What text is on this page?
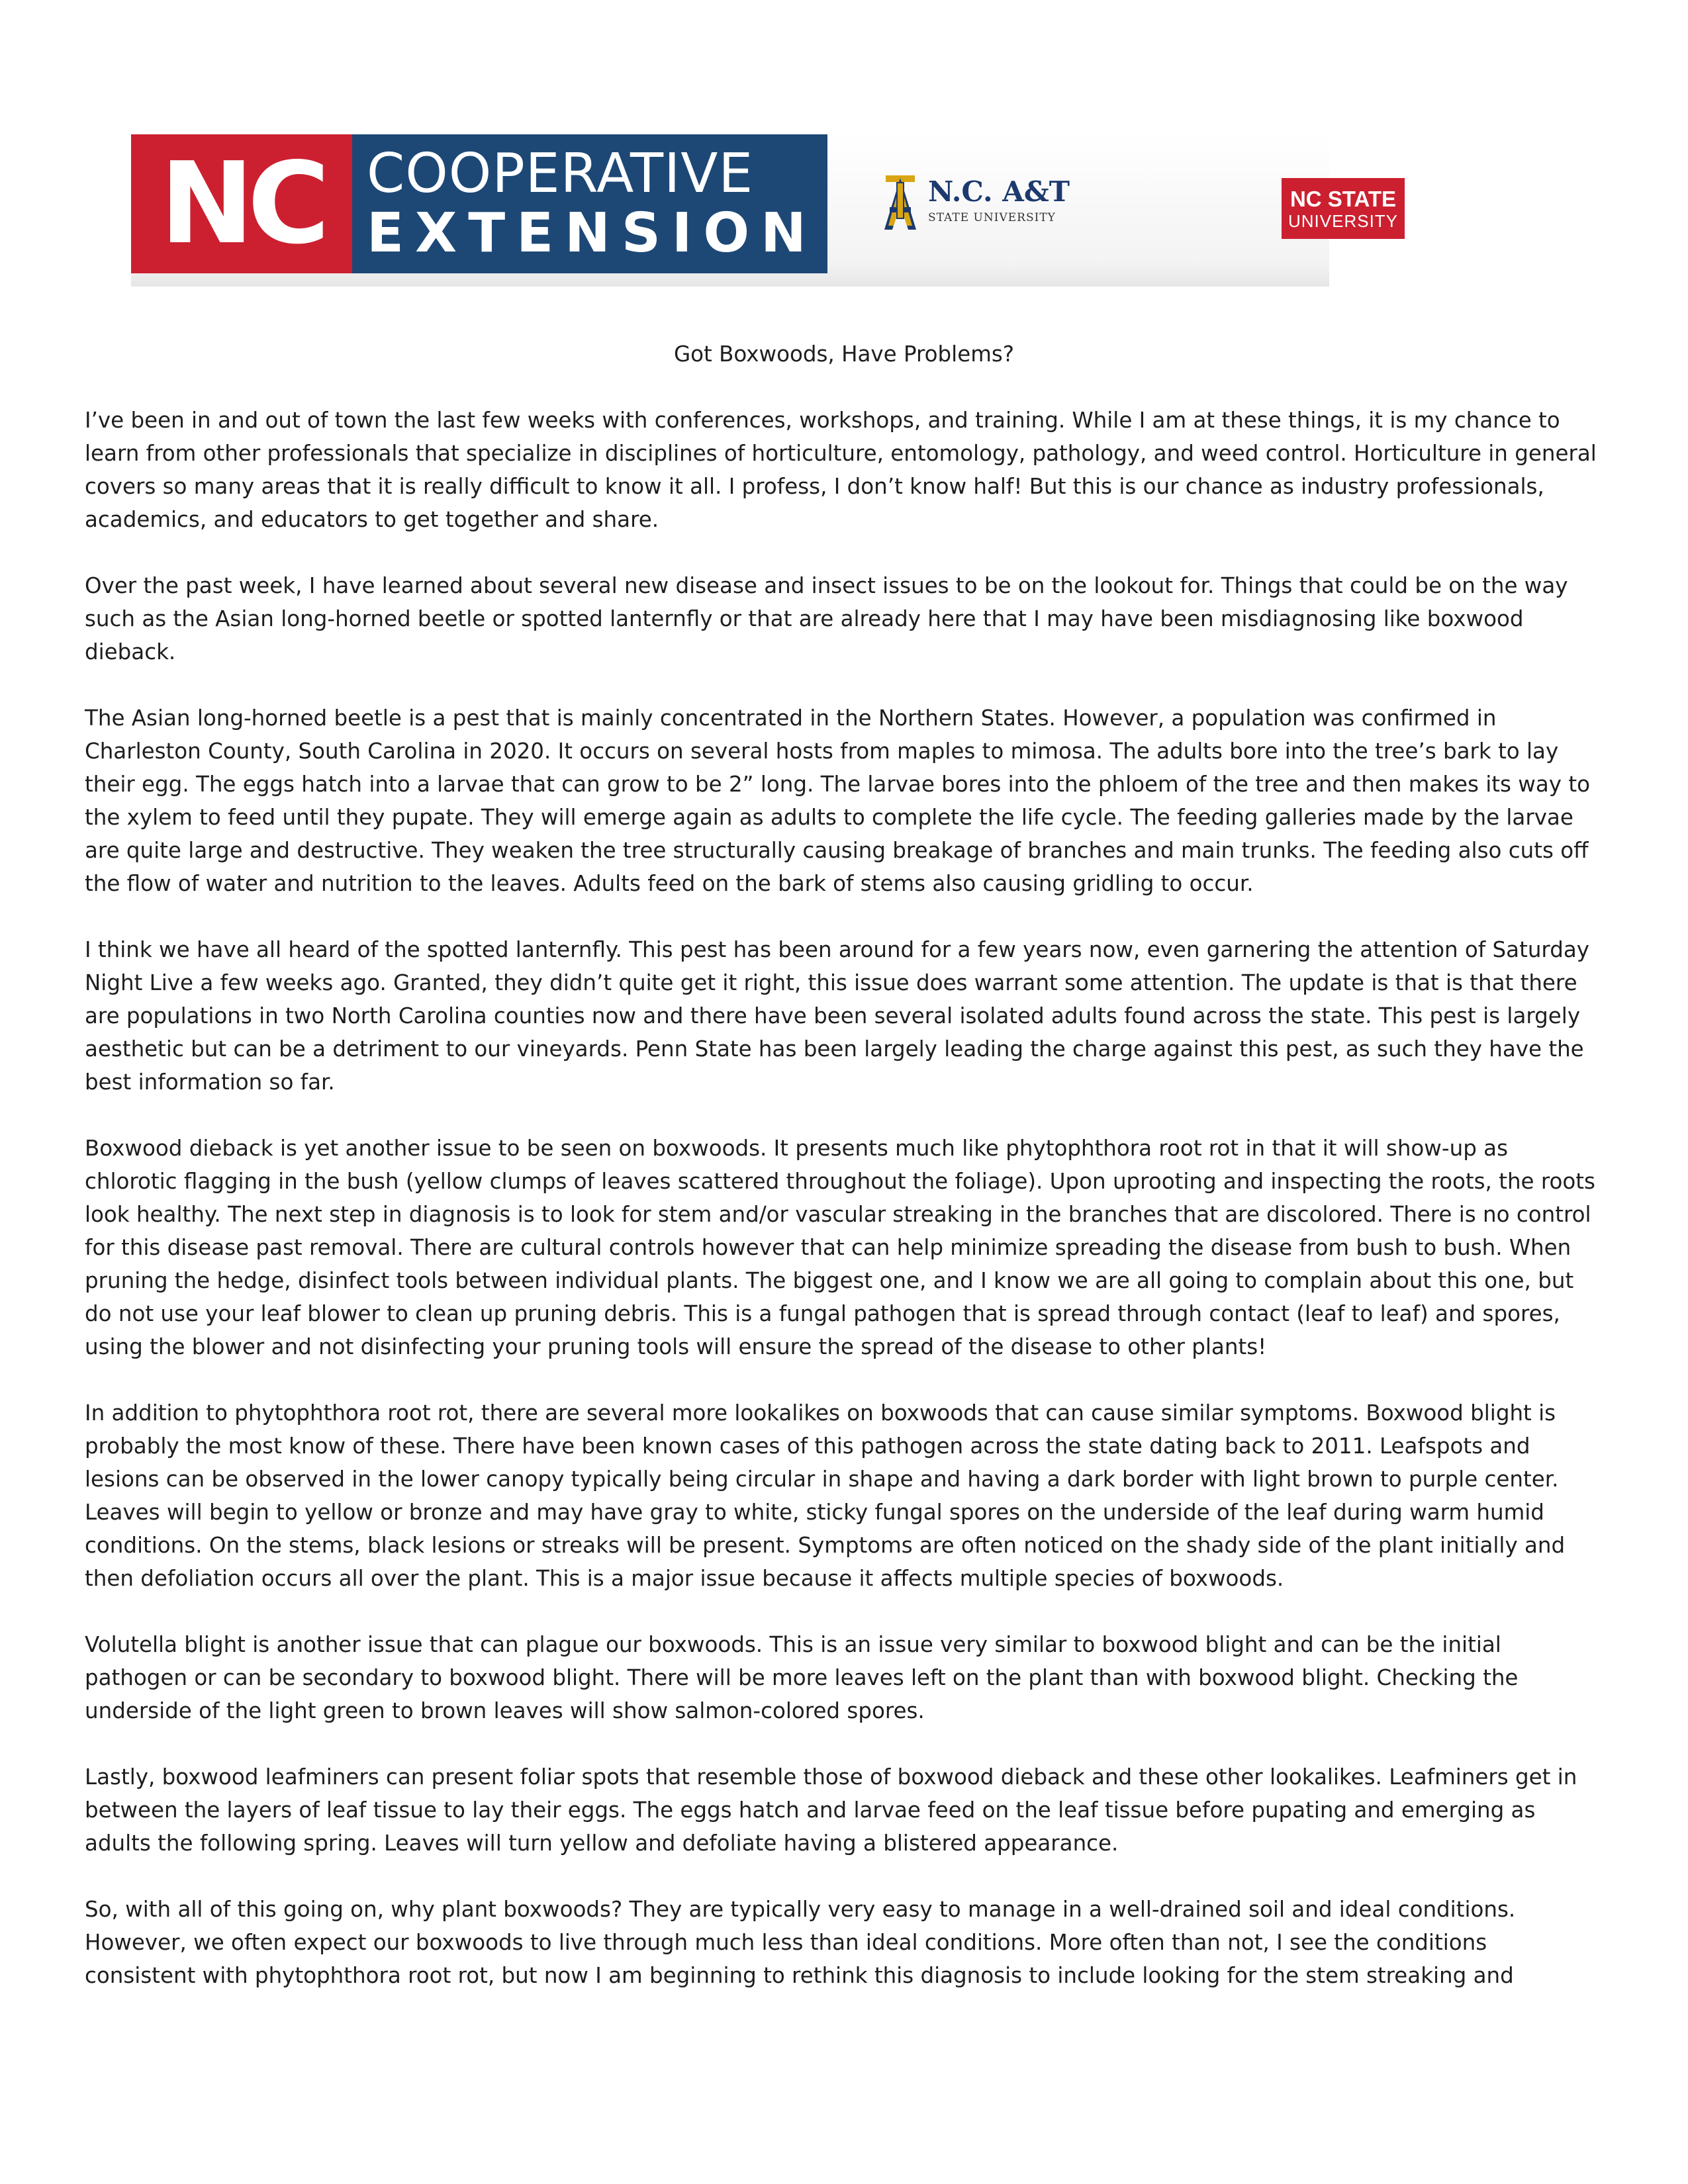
NC COOPERATIVE
EXTENSION
N.C. A&T
STATE UNIVERSITY
NC STATE
UNIVERSITY
Got Boxwoods, Have Problems?

I’ve been in and out of town the last few weeks with conferences, workshops, and training. While I am at these things, it is my chance to learn from other professionals that specialize in disciplines of horticulture, entomology, pathology, and weed control. Horticulture in general covers so many areas that it is really difficult to know it all. I profess, I don’t know half! But this is our chance as industry professionals, academics, and educators to get together and share.

Over the past week, I have learned about several new disease and insect issues to be on the lookout for. Things that could be on the way such as the Asian long-horned beetle or spotted lanternfly or that are already here that I may have been misdiagnosing like boxwood dieback.

The Asian long-horned beetle is a pest that is mainly concentrated in the Northern States. However, a population was confirmed in Charleston County, South Carolina in 2020. It occurs on several hosts from maples to mimosa. The adults bore into the tree’s bark to lay their egg. The eggs hatch into a larvae that can grow to be 2” long. The larvae bores into the phloem of the tree and then makes its way to the xylem to feed until they pupate. They will emerge again as adults to complete the life cycle. The feeding galleries made by the larvae are quite large and destructive. They weaken the tree structurally causing breakage of branches and main trunks. The feeding also cuts off the flow of water and nutrition to the leaves. Adults feed on the bark of stems also causing gridling to occur.

I think we have all heard of the spotted lanternfly. This pest has been around for a few years now, even garnering the attention of Saturday Night Live a few weeks ago. Granted, they didn’t quite get it right, this issue does warrant some attention. The update is that is that there are populations in two North Carolina counties now and there have been several isolated adults found across the state. This pest is largely aesthetic but can be a detriment to our vineyards. Penn State has been largely leading the charge against this pest, as such they have the best information so far.

Boxwood dieback is yet another issue to be seen on boxwoods. It presents much like phytophthora root rot in that it will show-up as chlorotic flagging in the bush (yellow clumps of leaves scattered throughout the foliage). Upon uprooting and inspecting the roots, the roots look healthy. The next step in diagnosis is to look for stem and/or vascular streaking in the branches that are discolored. There is no control for this disease past removal. There are cultural controls however that can help minimize spreading the disease from bush to bush. When pruning the hedge, disinfect tools between individual plants. The biggest one, and I know we are all going to complain about this one, but do not use your leaf blower to clean up pruning debris. This is a fungal pathogen that is spread through contact (leaf to leaf) and spores, using the blower and not disinfecting your pruning tools will ensure the spread of the disease to other plants!

In addition to phytophthora root rot, there are several more lookalikes on boxwoods that can cause similar symptoms. Boxwood blight is probably the most know of these. There have been known cases of this pathogen across the state dating back to 2011. Leafspots and lesions can be observed in the lower canopy typically being circular in shape and having a dark border with light brown to purple center. Leaves will begin to yellow or bronze and may have gray to white, sticky fungal spores on the underside of the leaf during warm humid conditions. On the stems, black lesions or streaks will be present. Symptoms are often noticed on the shady side of the plant initially and then defoliation occurs all over the plant. This is a major issue because it affects multiple species of boxwoods.

Volutella blight is another issue that can plague our boxwoods. This is an issue very similar to boxwood blight and can be the initial pathogen or can be secondary to boxwood blight. There will be more leaves left on the plant than with boxwood blight. Checking the underside of the light green to brown leaves will show salmon-colored spores.

Lastly, boxwood leafminers can present foliar spots that resemble those of boxwood dieback and these other lookalikes. Leafminers get in between the layers of leaf tissue to lay their eggs. The eggs hatch and larvae feed on the leaf tissue before pupating and emerging as adults the following spring. Leaves will turn yellow and defoliate having a blistered appearance.

So, with all of this going on, why plant boxwoods? They are typically very easy to manage in a well-drained soil and ideal conditions. However, we often expect our boxwoods to live through much less than ideal conditions. More often than not, I see the conditions consistent with phytophthora root rot, but now I am beginning to rethink this diagnosis to include looking for the stem streaking and
